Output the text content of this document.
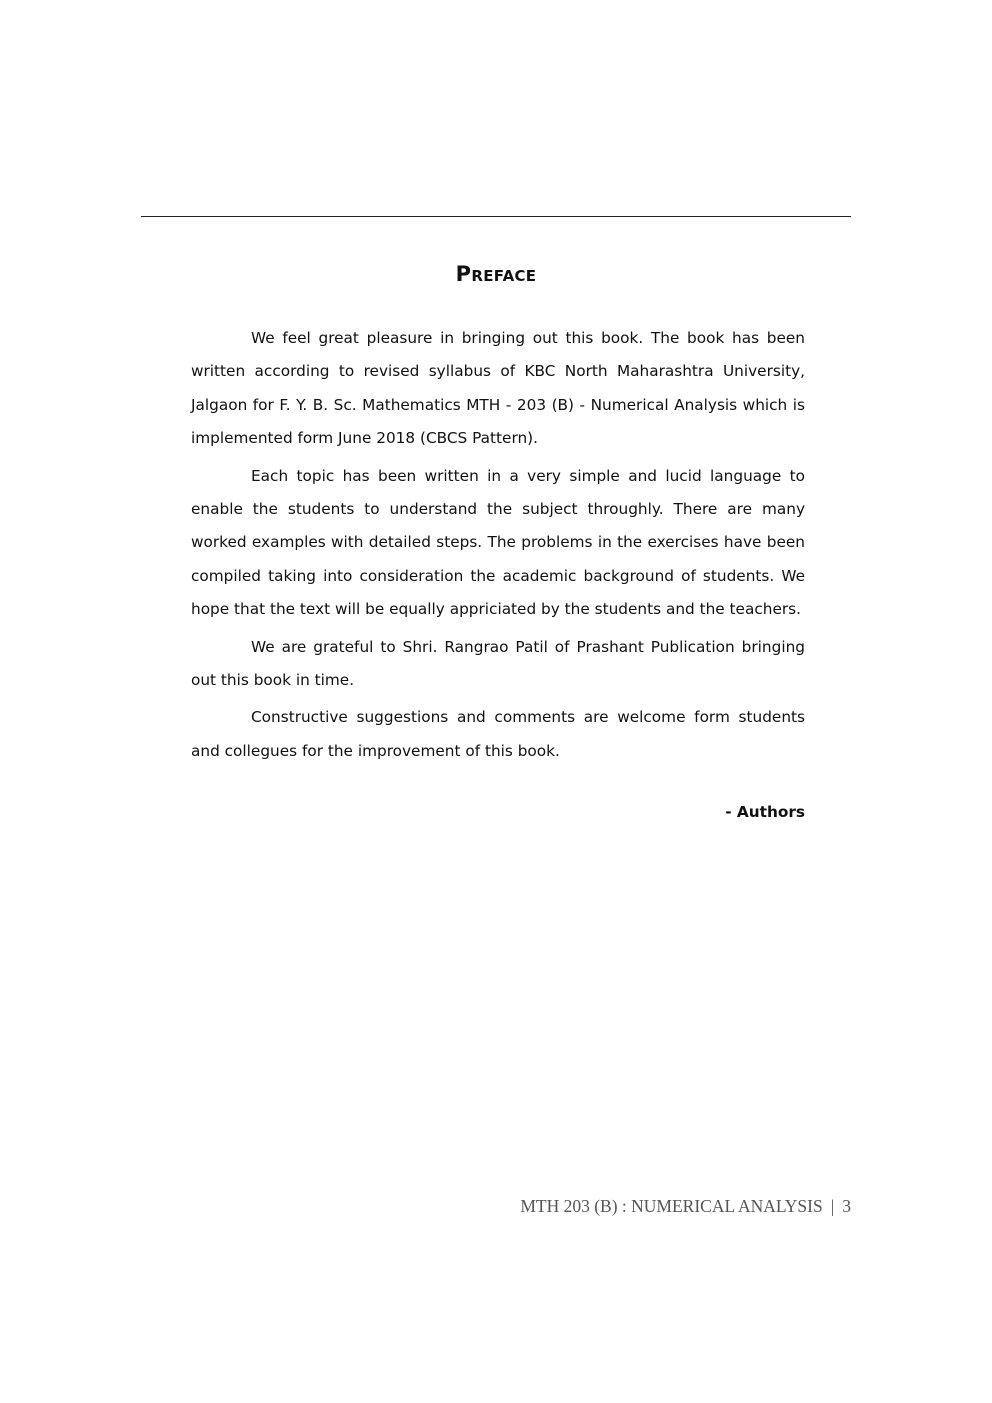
PREFACE

We feel great pleasure in bringing out this book. The book has been written according to revised syllabus of KBC North Maharashtra University, Jalgaon for F. Y. B. Sc. Mathematics MTH - 203 (B) - Numerical Analysis which is implemented form June 2018 (CBCS Pattern).

Each topic has been written in a very simple and lucid language to enable the students to understand the subject throughly. There are many worked examples with detailed steps. The problems in the exercises have been compiled taking into consideration the academic background of students. We hope that the text will be equally appriciated by the students and the teachers.

We are grateful to Shri. Rangrao Patil of Prashant Publication bringing out this book in time.

Constructive suggestions and comments are welcome form students and collegues for the improvement of this book.

- Authors
MTH 203 (B) : NUMERICAL ANALYSIS | 3
